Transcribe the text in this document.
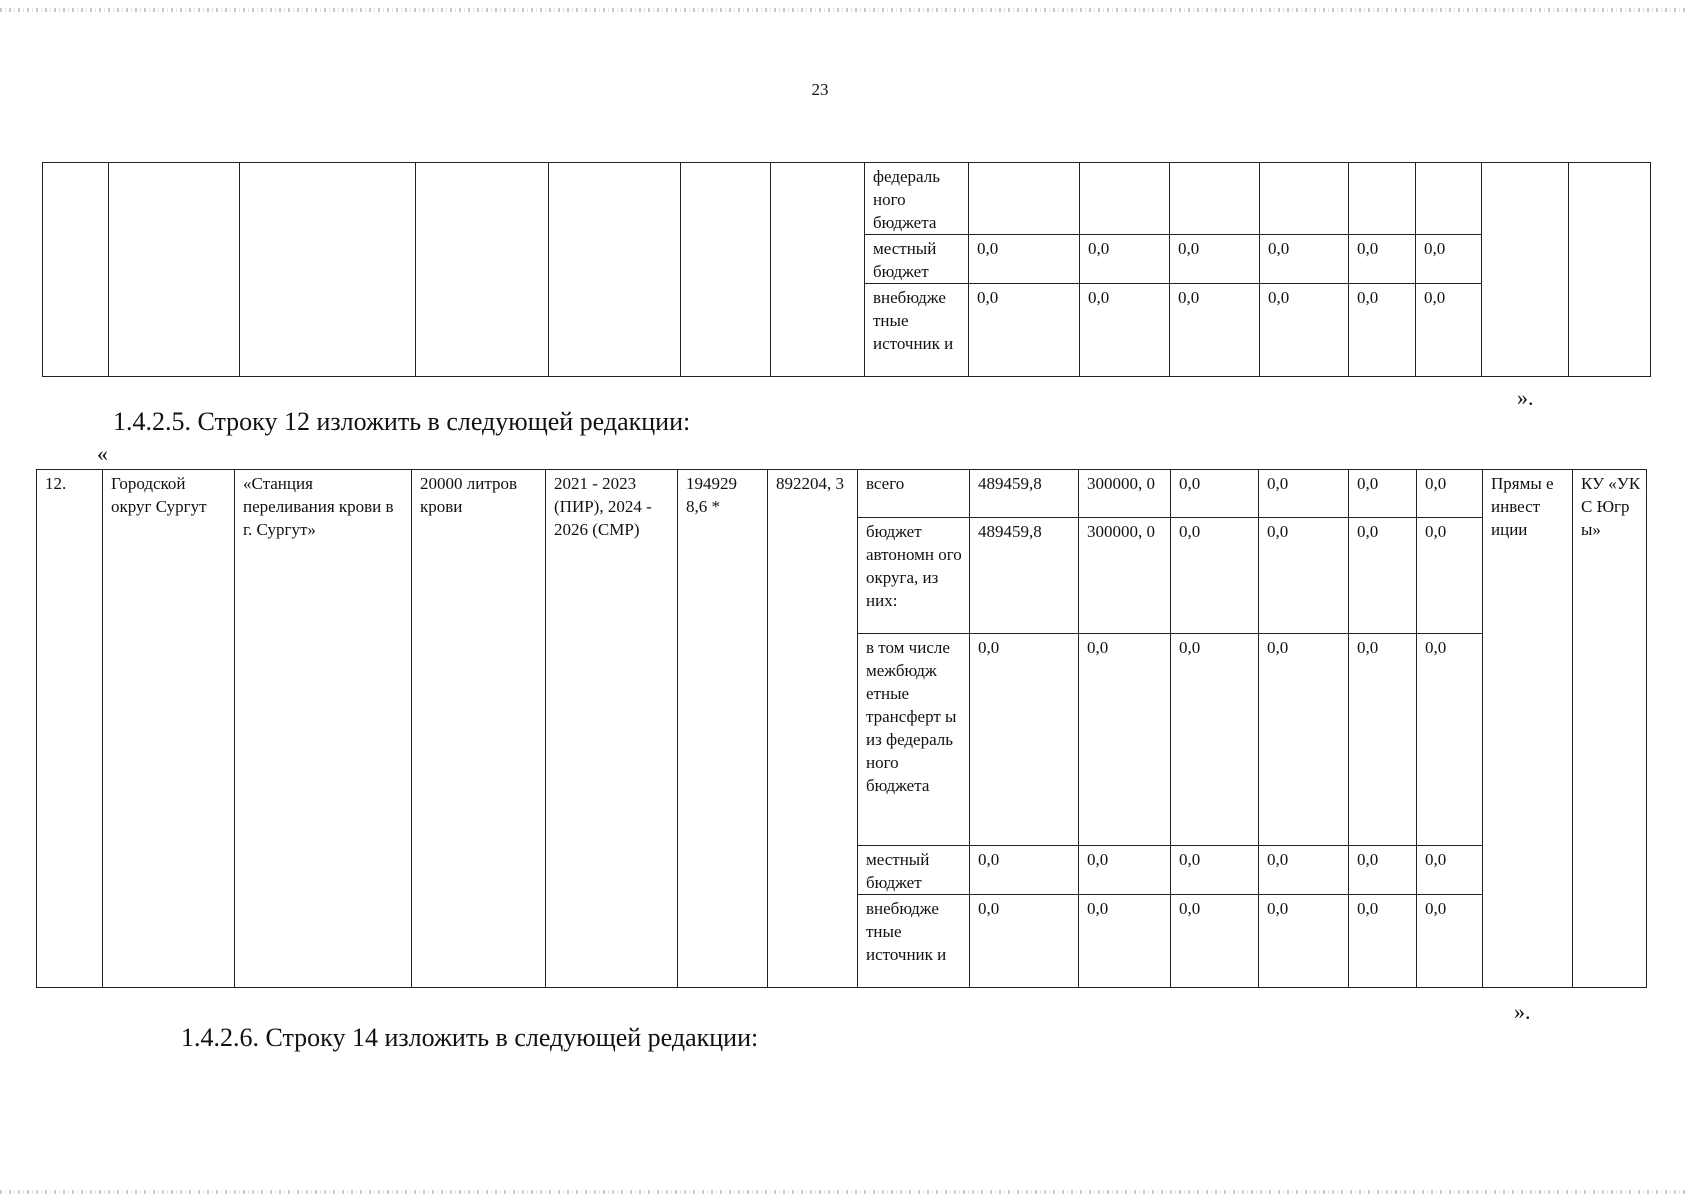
23
							федераль ного бюджета								
							местный бюджет	0,0	0,0	0,0	0,0	0,0	0,0		
							внебюдже тные источник и	0,0	0,0	0,0	0,0	0,0	0,0		
».
1.4.2.5. Строку 12 изложить в следующей редакции:
«
12.	Городской округ Сургут	«Станция переливания крови в г. Сургут»	20000 литров крови	2021 - 2023 (ПИР), 2024 - 2026 (СМР)	194929 8,6 *	892204, 3	всего	489459,8	300000, 0	0,0	0,0	0,0	0,0	Прямы е инвест иции	КУ «УК С Югр ы»
							бюджет автономн ого округа, из них:	489459,8	300000, 0	0,0	0,0	0,0	0,0		
							в том числе межбюдж етные трансферт ы из федераль ного бюджета	0,0	0,0	0,0	0,0	0,0	0,0		
							местный бюджет	0,0	0,0	0,0	0,0	0,0	0,0		
							внебюдже тные источник и	0,0	0,0	0,0	0,0	0,0	0,0		
».
1.4.2.6. Строку 14 изложить в следующей редакции:
